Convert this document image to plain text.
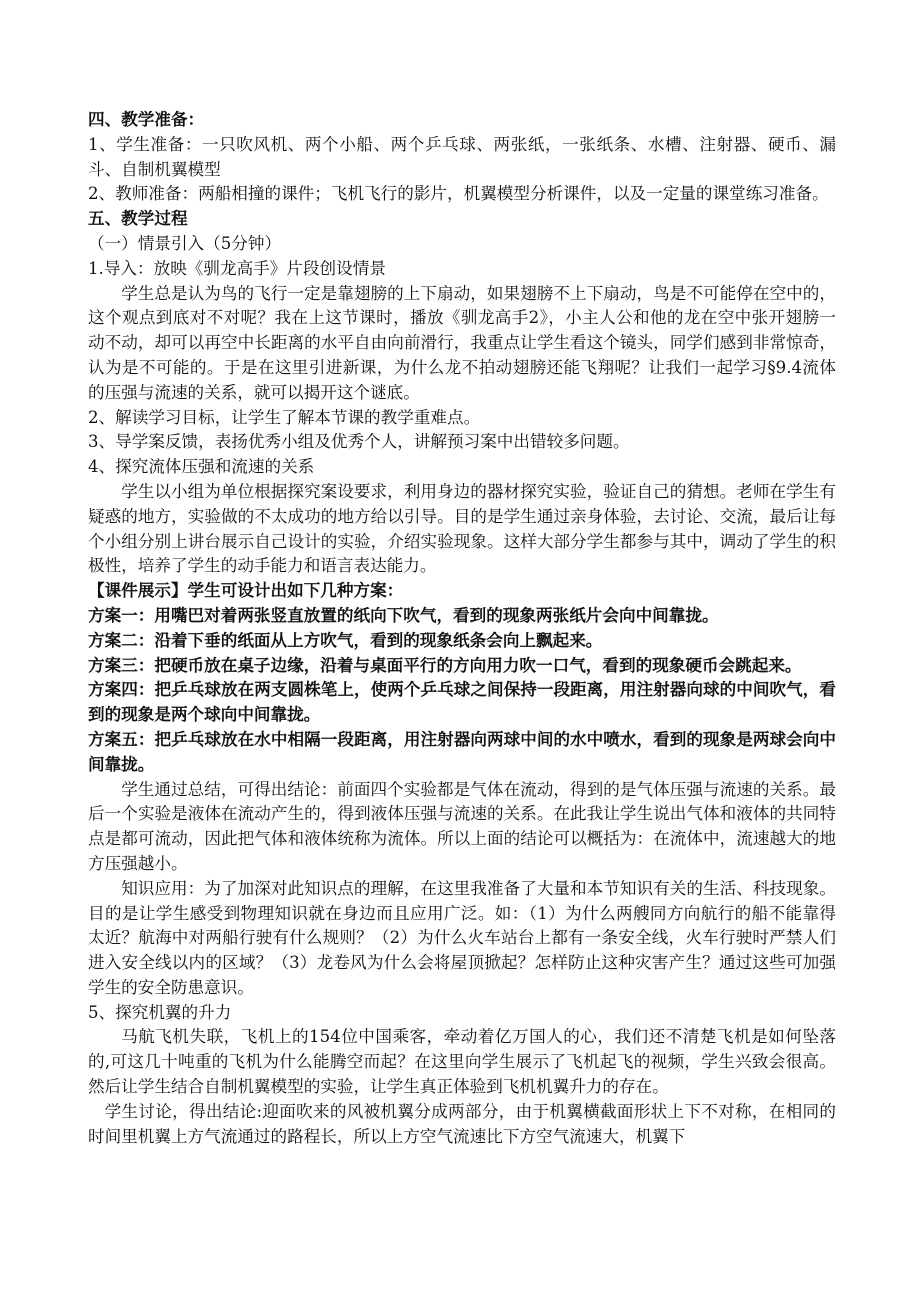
四、教学准备：

1、学生准备：一只吹风机、两个小船、两个乒乓球、两张纸，一张纸条、水槽、注射器、硬币、漏斗、自制机翼模型

2、教师准备：两船相撞的课件；飞机飞行的影片，机翼模型分析课件，以及一定量的课堂练习准备。

五、教学过程

（一）情景引入（5分钟）

1.导入：放映《驯龙高手》片段创设情景

学生总是认为鸟的飞行一定是靠翅膀的上下扇动，如果翅膀不上下扇动，鸟是不可能停在空中的，这个观点到底对不对呢？我在上这节课时，播放《驯龙高手2》，小主人公和他的龙在空中张开翅膀一动不动，却可以再空中长距离的水平自由向前滑行，我重点让学生看这个镜头，同学们感到非常惊奇，认为是不可能的。于是在这里引进新课，为什么龙不拍动翅膀还能飞翔呢？让我们一起学习§9.4流体的压强与流速的关系，就可以揭开这个谜底。

2、解读学习目标，让学生了解本节课的教学重难点。

3、导学案反馈，表扬优秀小组及优秀个人，讲解预习案中出错较多问题。

4、探究流体压强和流速的关系

学生以小组为单位根据探究案设要求，利用身边的器材探究实验，验证自己的猜想。老师在学生有疑惑的地方，实验做的不太成功的地方给以引导。目的是学生通过亲身体验，去讨论、交流，最后让每个小组分别上讲台展示自己设计的实验，介绍实验现象。这样大部分学生都参与其中，调动了学生的积极性，培养了学生的动手能力和语言表达能力。

【课件展示】学生可设计出如下几种方案：

方案一：用嘴巴对着两张竖直放置的纸向下吹气，看到的现象两张纸片会向中间靠拢。

方案二：沿着下垂的纸面从上方吹气，看到的现象纸条会向上飘起来。

方案三：把硬币放在桌子边缘，沿着与桌面平行的方向用力吹一口气，看到的现象硬币会跳起来。

方案四：把乒乓球放在两支圆株笔上，使两个乒乓球之间保持一段距离，用注射器向球的中间吹气，看到的现象是两个球向中间靠拢。

方案五：把乒乓球放在水中相隔一段距离，用注射器向两球中间的水中喷水，看到的现象是两球会向中间靠拢。

学生通过总结，可得出结论：前面四个实验都是气体在流动，得到的是气体压强与流速的关系。最后一个实验是液体在流动产生的，得到液体压强与流速的关系。在此我让学生说出气体和液体的共同特点是都可流动，因此把气体和液体统称为流体。所以上面的结论可以概括为：在流体中，流速越大的地方压强越小。

知识应用：为了加深对此知识点的理解，在这里我准备了大量和本节知识有关的生活、科技现象。目的是让学生感受到物理知识就在身边而且应用广泛。如：（1）为什么两艘同方向航行的船不能靠得太近？航海中对两船行驶有什么规则？（2）为什么火车站台上都有一条安全线，火车行驶时严禁人们进入安全线以内的区域？（3）龙卷风为什么会将屋顶掀起？怎样防止这种灾害产生？通过这些可加强学生的安全防患意识。

5、探究机翼的升力

马航飞机失联，飞机上的154位中国乘客，牵动着亿万国人的心，我们还不清楚飞机是如何坠落的,可这几十吨重的飞机为什么能腾空而起？在这里向学生展示了飞机起飞的视频，学生兴致会很高。然后让学生结合自制机翼模型的实验，让学生真正体验到飞机机翼升力的存在。

学生讨论，得出结论:迎面吹来的风被机翼分成两部分，由于机翼横截面形状上下不对称，在相同的时间里机翼上方气流通过的路程长，所以上方空气流速比下方空气流速大，机翼下
